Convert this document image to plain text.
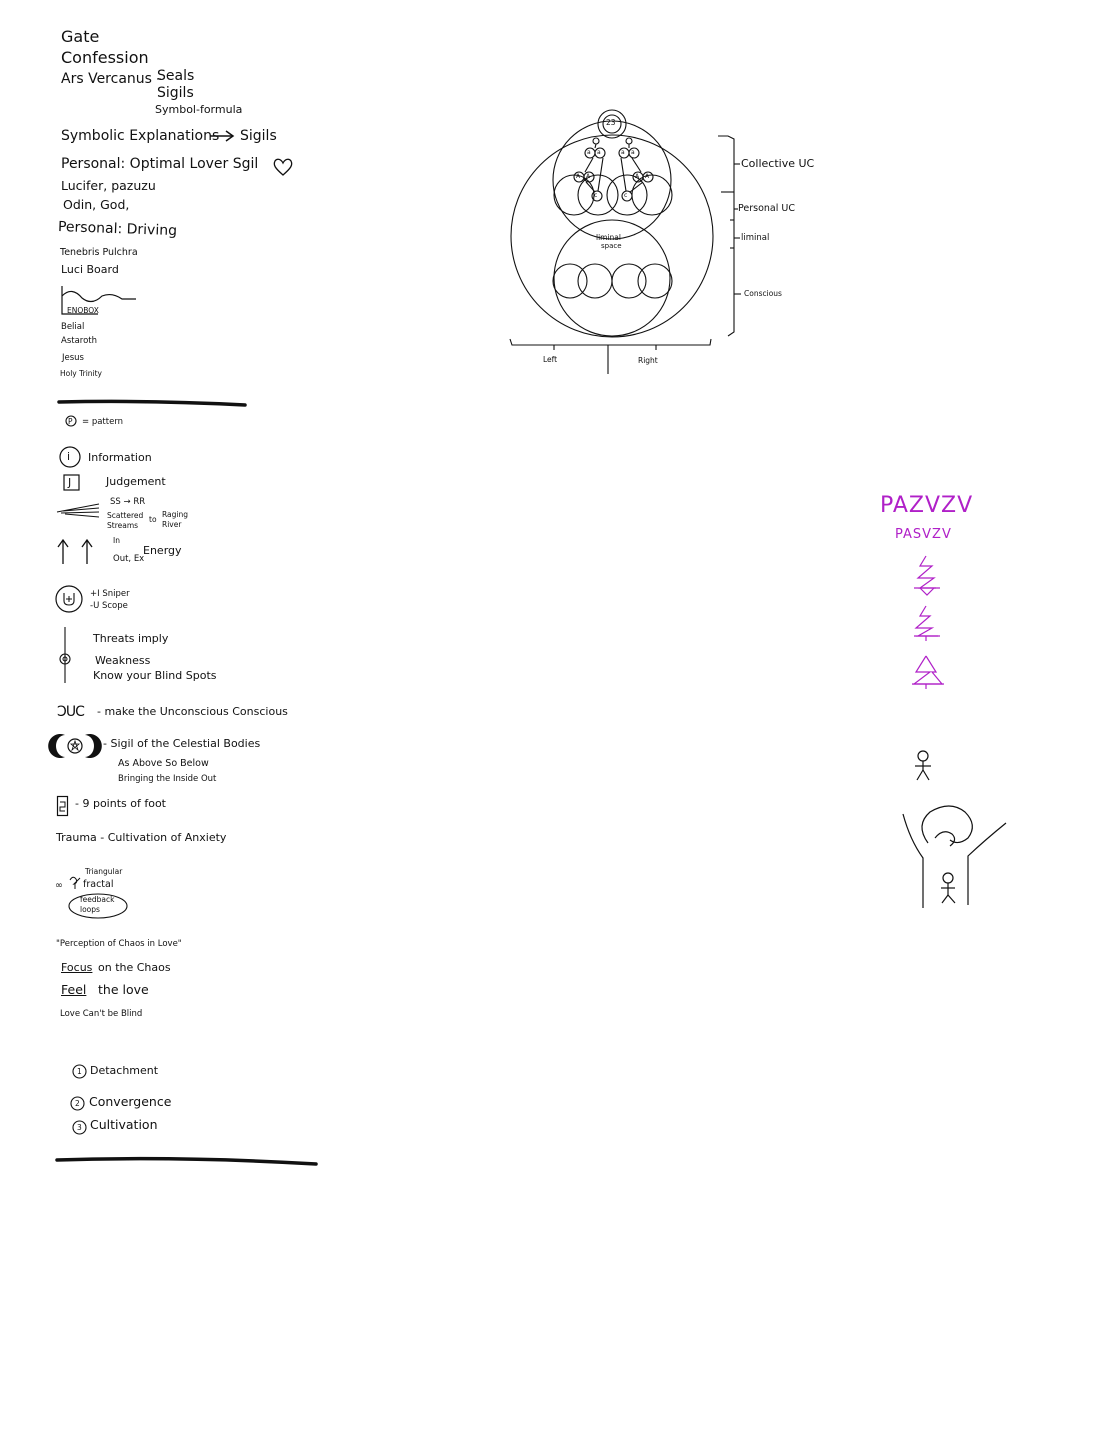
Gate
Confession
Ars Vercanus -
Seals
Sigils
Symbol-formula
Symbolic Explanations Sigils
Personal: Optimal Lover Sgil
Lucifer, pazuzu
Odin, God,
Personal: Driving
Tenebris Pulchra
Luci Board
ENOBOX
Belial
Astaroth
Jesus
Holy Trinity
P = pattern
i Information
J	Judgement
SS → RR
Scattered
Streams
to
Raging
River
In
Out, Ex
Energy
+I Sniper
-U Scope
Threats imply
Weakness
Know your Blind Spots
ƆUC - make the Unconscious Conscious
- Sigil of the Celestial Bodies
As Above So Below
Bringing the Inside Out
- 9 points of foot
Trauma - Cultivation of Anxiety
∞
Triangular
fractal
feedback
loops
"Perception of Chaos in Love"
Focus on the Chaos
Feel the love
Love Can't be Blind
1 Detachment
2 Convergence
3 Cultivation
23
a a	a a
A A	A A
c	c
liminal
space
Collective UC
Personal UC
liminal
Conscious
Left	Right
PAZVZV
PASVZV
